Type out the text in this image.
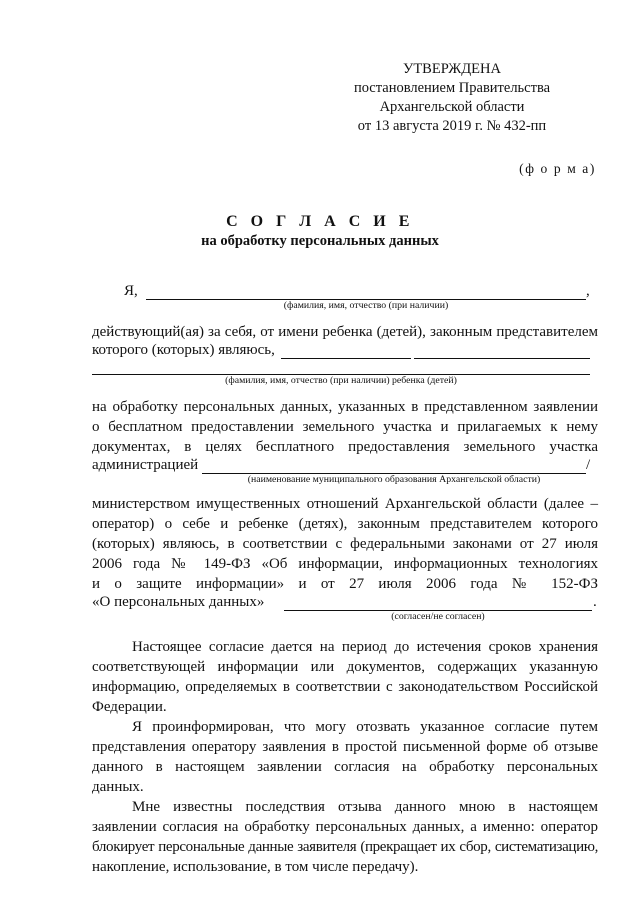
УТВЕРЖДЕНА
постановлением Правительства
Архангельской области
от 13 августа 2019 г. № 432-пп
(ф о р м а)
С О Г Л А С И Е
на обработку персональных данных
Я,	,
(фамилия, имя, отчество (при наличии)

действующий(ая) за себя, от имени ребенка (детей), законным представителем

которого (которых) являюсь,
(фамилия, имя, отчество (при наличии) ребенка (детей)

на обработку персональных данных, указанных в представленном заявлении

о бесплатном предоставлении земельного участка и прилагаемых к нему

документах, в целях бесплатного предоставления земельного участка

администрацией	/
(наименование муниципального образования Архангельской области)

министерством имущественных отношений Архангельской области (далее –

оператор) о себе и ребенке (детях), законным представителем которого

(которых) являюсь, в соответствии с федеральными законами от 27 июля

2006 года № 149-ФЗ «Об информации, информационных технологиях

и о защите информации» и от 27 июля 2006 года № 152-ФЗ

«О персональных данных»	.
(согласен/не согласен)

Настоящее согласие дается на период до истечения сроков хранения

соответствующей информации или документов, содержащих указанную

информацию, определяемых в соответствии с законодательством Российской

Федерации.

Я проинформирован, что могу отозвать указанное согласие путем

представления оператору заявления в простой письменной форме об отзыве

данного в настоящем заявлении согласия на обработку персональных

данных.

Мне известны последствия отзыва данного мною в настоящем

заявлении согласия на обработку персональных данных, а именно: оператор

блокирует персональные данные заявителя (прекращает их сбор, систематизацию,

накопление, использование, в том числе передачу).
